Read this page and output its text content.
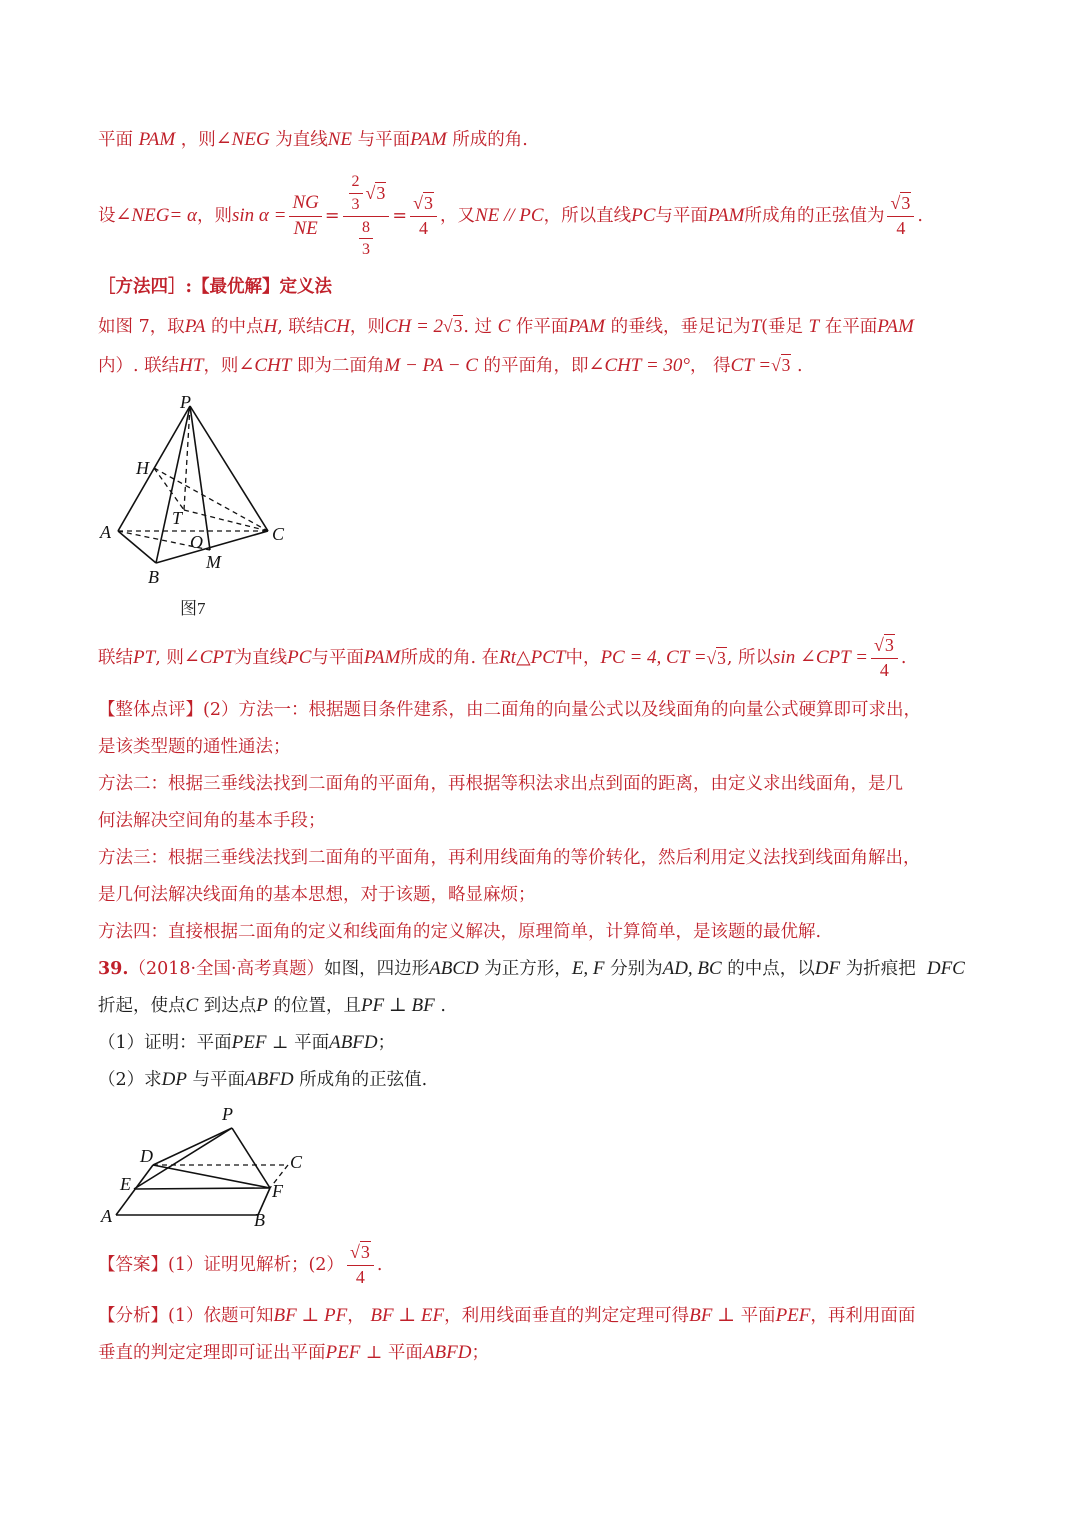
平面 PAM ，则∠NEG 为直线NE 与平面PAM 所成的角.
设 ∠NEG = α ，则 $\sin \alpha = \frac{NG}{NE} = \frac{\frac{2}{3} √3}{\frac{8}{3}} = \frac{√3}{4}$ ，又 NE // PC ，所以直线 PC 与平面 PAM 所成角的正弦值为 $\frac{√3}{4}$ .
［方法四］:【最优解】定义法
如图 7，取PA 的中点H, 联结CH，则CH = 2√3. 过 C 作平面PAM 的垂线，垂足记为T(垂足 T 在平面PAM
内）. 联结HT，则∠CHT 即为二面角M − PA − C 的平面角，即∠CHT = 30°， 得CT =√3 .
P
H
T
A	O	C
M
B
图7
联结 PT , 则 ∠CPT 为直线 PC 与平面 PAM 所成的角. 在 Rt△PCT 中， PC = 4, CT = √3 , 所以 sin ∠CPT = $\frac{√3}{4}$ .
【整体点评】(2）方法一：根据题目条件建系，由二面角的向量公式以及线面角的向量公式硬算即可求出，
是该类型题的通性通法；
方法二：根据三垂线法找到二面角的平面角，再根据等积法求出点到面的距离，由定义求出线面角，是几
何法解决空间角的基本手段；
方法三：根据三垂线法找到二面角的平面角，再利用线面角的等价转化，然后利用定义法找到线面角解出，
是几何法解决线面角的基本思想，对于该题，略显麻烦；
方法四：直接根据二面角的定义和线面角的定义解决，原理简单，计算简单，是该题的最优解.
39.（2018·全国·高考真题）如图，四边形ABCD 为正方形，E, F 分别为AD, BC 的中点，以DF 为折痕把 DFC
折起，使点C 到达点P 的位置，且PF ⊥ BF .
（1）证明：平面PEF ⊥ 平面ABFD；
（2）求DP 与平面ABFD 所成角的正弦值.
P
D	C
E	F
A	B
【答案】 (1）证明见解析；$(2) \frac{√3}{4}$ .
【分析】(1）依题可知BF ⊥ PF， BF ⊥ EF，利用线面垂直的判定定理可得BF ⊥ 平面PEF，再利用面面
垂直的判定定理即可证出平面PEF ⊥ 平面ABFD；
